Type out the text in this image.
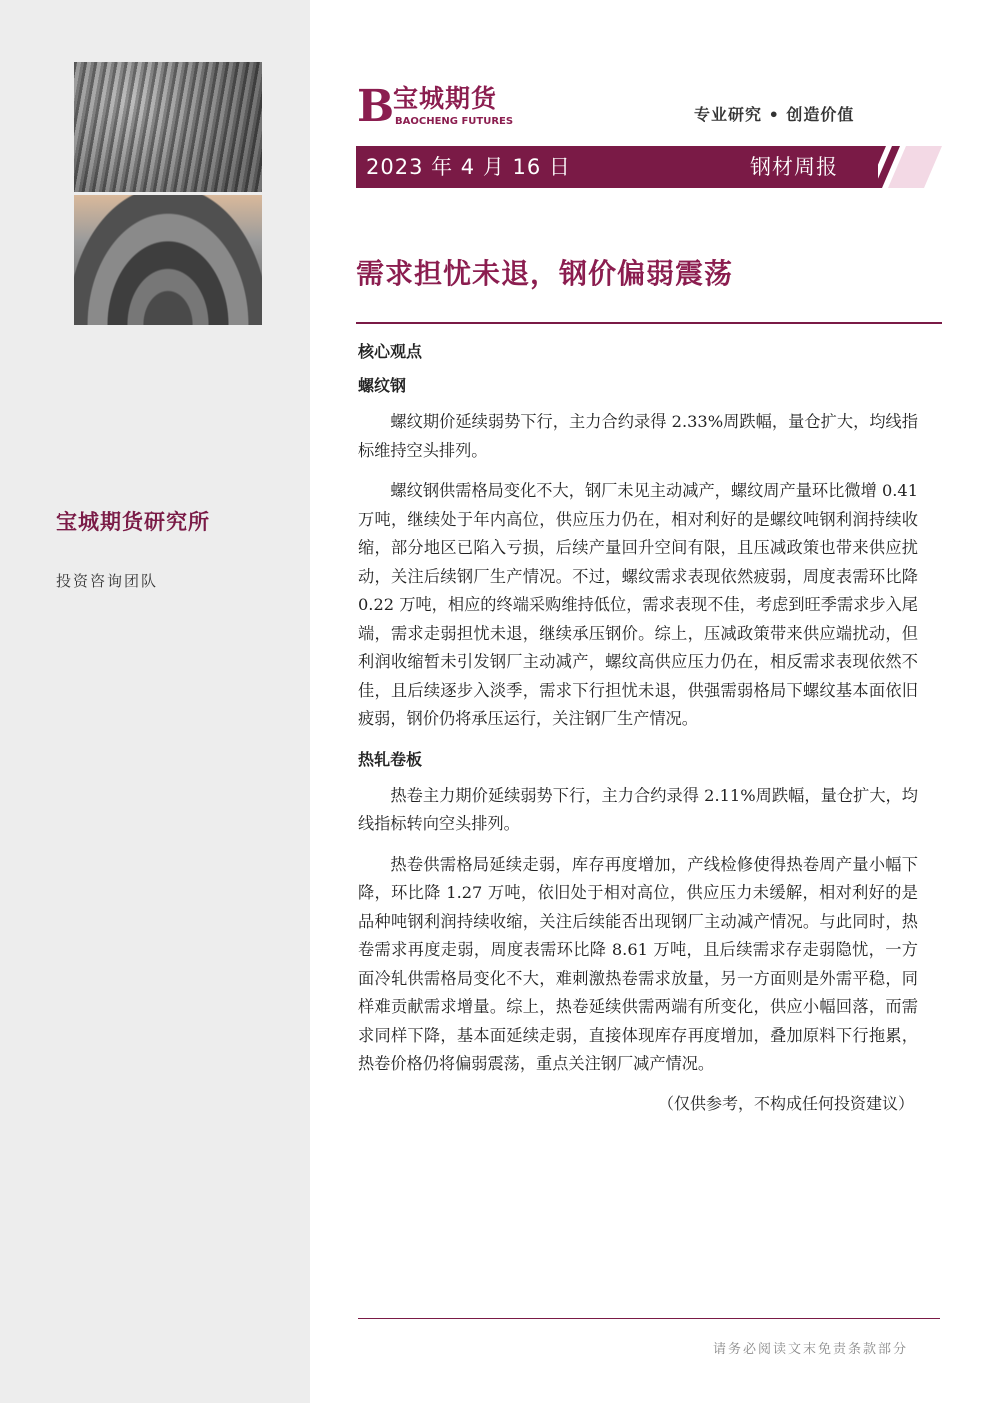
宝城期货研究所
投资咨询团队
B
宝城期货
BAOCHENG FUTURES	专业研究 • 创造价值
2023 年 4 月 16 日	钢材周报
需求担忧未退，钢价偏弱震荡
核心观点
螺纹钢

螺纹期价延续弱势下行，主力合约录得 2.33%周跌幅，量仓扩大，均线指标维持空头排列。

螺纹钢供需格局变化不大，钢厂未见主动减产，螺纹周产量环比微增 0.41 万吨，继续处于年内高位，供应压力仍在，相对利好的是螺纹吨钢利润持续收缩，部分地区已陷入亏损，后续产量回升空间有限，且压减政策也带来供应扰动，关注后续钢厂生产情况。不过，螺纹需求表现依然疲弱，周度表需环比降 0.22 万吨，相应的终端采购维持低位，需求表现不佳，考虑到旺季需求步入尾端，需求走弱担忧未退，继续承压钢价。综上，压减政策带来供应端扰动，但利润收缩暂未引发钢厂主动减产，螺纹高供应压力仍在，相反需求表现依然不佳，且后续逐步入淡季，需求下行担忧未退，供强需弱格局下螺纹基本面依旧疲弱，钢价仍将承压运行，关注钢厂生产情况。

热轧卷板

热卷主力期价延续弱势下行，主力合约录得 2.11%周跌幅，量仓扩大，均线指标转向空头排列。

热卷供需格局延续走弱，库存再度增加，产线检修使得热卷周产量小幅下降，环比降 1.27 万吨，依旧处于相对高位，供应压力未缓解，相对利好的是品种吨钢利润持续收缩，关注后续能否出现钢厂主动减产情况。与此同时，热卷需求再度走弱，周度表需环比降 8.61 万吨，且后续需求存走弱隐忧，一方面冷轧供需格局变化不大，难刺激热卷需求放量，另一方面则是外需平稳，同样难贡献需求增量。综上，热卷延续供需两端有所变化，供应小幅回落，而需求同样下降，基本面延续走弱，直接体现库存再度增加，叠加原料下行拖累，热卷价格仍将偏弱震荡，重点关注钢厂减产情况。

（仅供参考，不构成任何投资建议）
请务必阅读文末免责条款部分
